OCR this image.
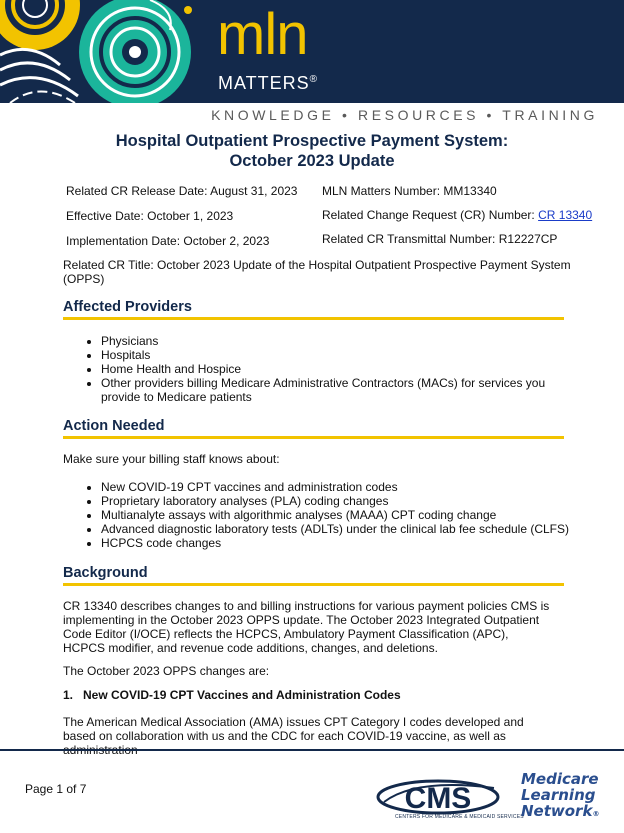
mln
MATTERS®
KNOWLEDGE • RESOURCES • TRAINING
Hospital Outpatient Prospective Payment System:
October 2023 Update
Related CR Release Date: August 31, 2023
Effective Date: October 1, 2023
Implementation Date: October 2, 2023
MLN Matters Number: MM13340
Related Change Request (CR) Number: CR 13340
Related CR Transmittal Number: R12227CP
Related CR Title: October 2023 Update of the Hospital Outpatient Prospective Payment System (OPPS)
Affected Providers
• Physicians
• Hospitals
• Home Health and Hospice
• Other providers billing Medicare Administrative Contractors (MACs) for services you provide to Medicare patients
Action Needed

Make sure your billing staff knows about:

• New COVID-19 CPT vaccines and administration codes
• Proprietary laboratory analyses (PLA) coding changes
• Multianalyte assays with algorithmic analyses (MAAA) CPT coding change
• Advanced diagnostic laboratory tests (ADLTs) under the clinical lab fee schedule (CLFS)
• HCPCS code changes
Background

CR 13340 describes changes to and billing instructions for various payment policies CMS is implementing in the October 2023 OPPS update. The October 2023 Integrated Outpatient Code Editor (I/OCE) reflects the HCPCS, Ambulatory Payment Classification (APC), HCPCS modifier, and revenue code additions, changes, and deletions.

The October 2023 OPPS changes are:

1.   New COVID-19 CPT Vaccines and Administration Codes

The American Medical Association (AMA) issues CPT Category I codes developed and based on collaboration with us and the CDC for each COVID-19 vaccine, as well as

Page 1 of 7	CMS
CENTERS FOR MEDICARE & MEDICAID SERVICES
Medicare
Learning
Network®
